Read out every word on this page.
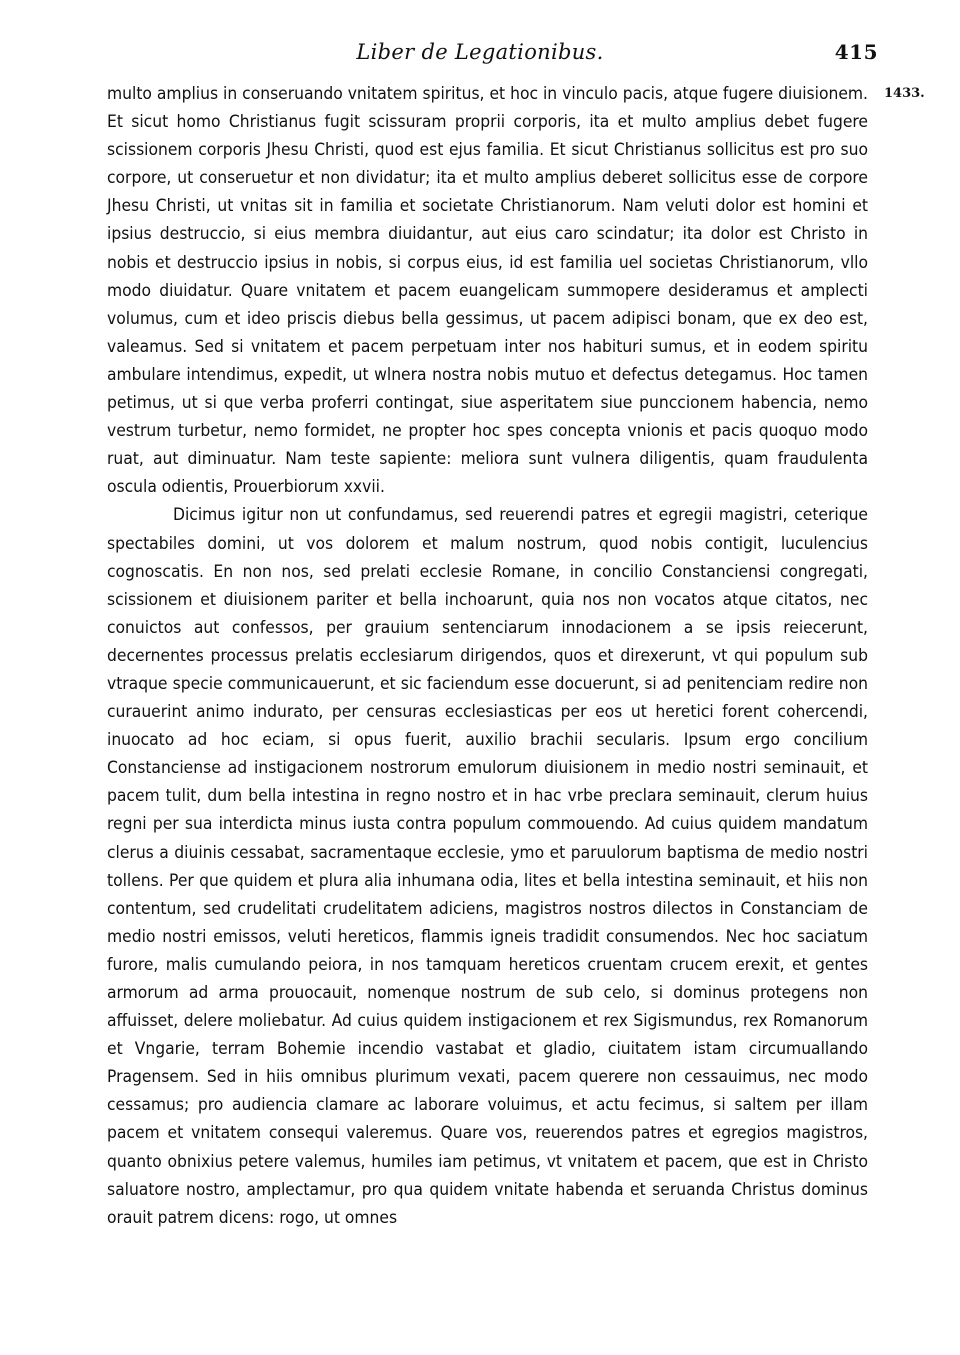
Liber de Legationibus.	415
1433.

multo amplius in conseruando vnitatem spiritus, et hoc in vinculo pacis, atque fugere diuisionem. Et sicut homo Christianus fugit scissuram proprii corporis, ita et multo amplius debet fugere scissionem corporis Jhesu Christi, quod est ejus familia. Et sicut Christianus sollicitus est pro suo corpore, ut conseruetur et non dividatur; ita et multo amplius deberet sollicitus esse de corpore Jhesu Christi, ut vnitas sit in familia et societate Christianorum. Nam veluti dolor est homini et ipsius destruccio, si eius membra diuidantur, aut eius caro scindatur; ita dolor est Christo in nobis et destruccio ipsius in nobis, si corpus eius, id est familia uel societas Christianorum, vllo modo diuidatur. Quare vnitatem et pacem euangelicam summopere desideramus et amplecti volumus, cum et ideo priscis diebus bella gessimus, ut pacem adipisci bonam, que ex deo est, valeamus. Sed si vnitatem et pacem perpetuam inter nos habituri sumus, et in eodem spiritu ambulare intendimus, expedit, ut wlnera nostra nobis mutuo et defectus detegamus. Hoc tamen petimus, ut si que verba proferri contingat, siue asperitatem siue punccionem habencia, nemo vestrum turbetur, nemo formidet, ne propter hoc spes concepta vnionis et pacis quoquo modo ruat, aut diminuatur. Nam teste sapiente: meliora sunt vulnera diligentis, quam fraudulenta oscula odientis, Prouerbiorum xxvii.

Dicimus igitur non ut confundamus, sed reuerendi patres et egregii magistri, ceterique spectabiles domini, ut vos dolorem et malum nostrum, quod nobis contigit, luculencius cognoscatis. En non nos, sed prelati ecclesie Romane, in concilio Constanciensi congregati, scissionem et diuisionem pariter et bella inchoarunt, quia nos non vocatos atque citatos, nec conuictos aut confessos, per grauium sentenciarum innodacionem a se ipsis reiecerunt, decernentes processus prelatis ecclesiarum dirigendos, quos et direxerunt, vt qui populum sub vtraque specie communicauerunt, et sic faciendum esse docuerunt, si ad penitenciam redire non curauerint animo indurato, per censuras ecclesiasticas per eos ut heretici forent cohercendi, inuocato ad hoc eciam, si opus fuerit, auxilio brachii secularis. Ipsum ergo concilium Constanciense ad instigacionem nostrorum emulorum diuisionem in medio nostri seminauit, et pacem tulit, dum bella intestina in regno nostro et in hac vrbe preclara seminauit, clerum huius regni per sua interdicta minus iusta contra populum commouendo. Ad cuius quidem mandatum clerus a diuinis cessabat, sacramentaque ecclesie, ymo et paruulorum baptisma de medio nostri tollens. Per que quidem et plura alia inhumana odia, lites et bella intestina seminauit, et hiis non contentum, sed crudelitati crudelitatem adiciens, magistros nostros dilectos in Constanciam de medio nostri emissos, veluti hereticos, flammis igneis tradidit consumendos. Nec hoc saciatum furore, malis cumulando peiora, in nos tamquam hereticos cruentam crucem erexit, et gentes armorum ad arma prouocauit, nomenque nostrum de sub celo, si dominus protegens non affuisset, delere moliebatur. Ad cuius quidem instigacionem et rex Sigismundus, rex Romanorum et Vngarie, terram Bohemie incendio vastabat et gladio, ciuitatem istam circumuallando Pragensem. Sed in hiis omnibus plurimum vexati, pacem querere non cessauimus, nec modo cessamus; pro audiencia clamare ac laborare voluimus, et actu fecimus, si saltem per illam pacem et vnitatem consequi valeremus. Quare vos, reuerendos patres et egregios magistros, quanto obnixius petere valemus, humiles iam petimus, vt vnitatem et pacem, que est in Christo saluatore nostro, amplectamur, pro qua quidem vnitate habenda et seruanda Christus dominus orauit patrem dicens: rogo, ut omnes
